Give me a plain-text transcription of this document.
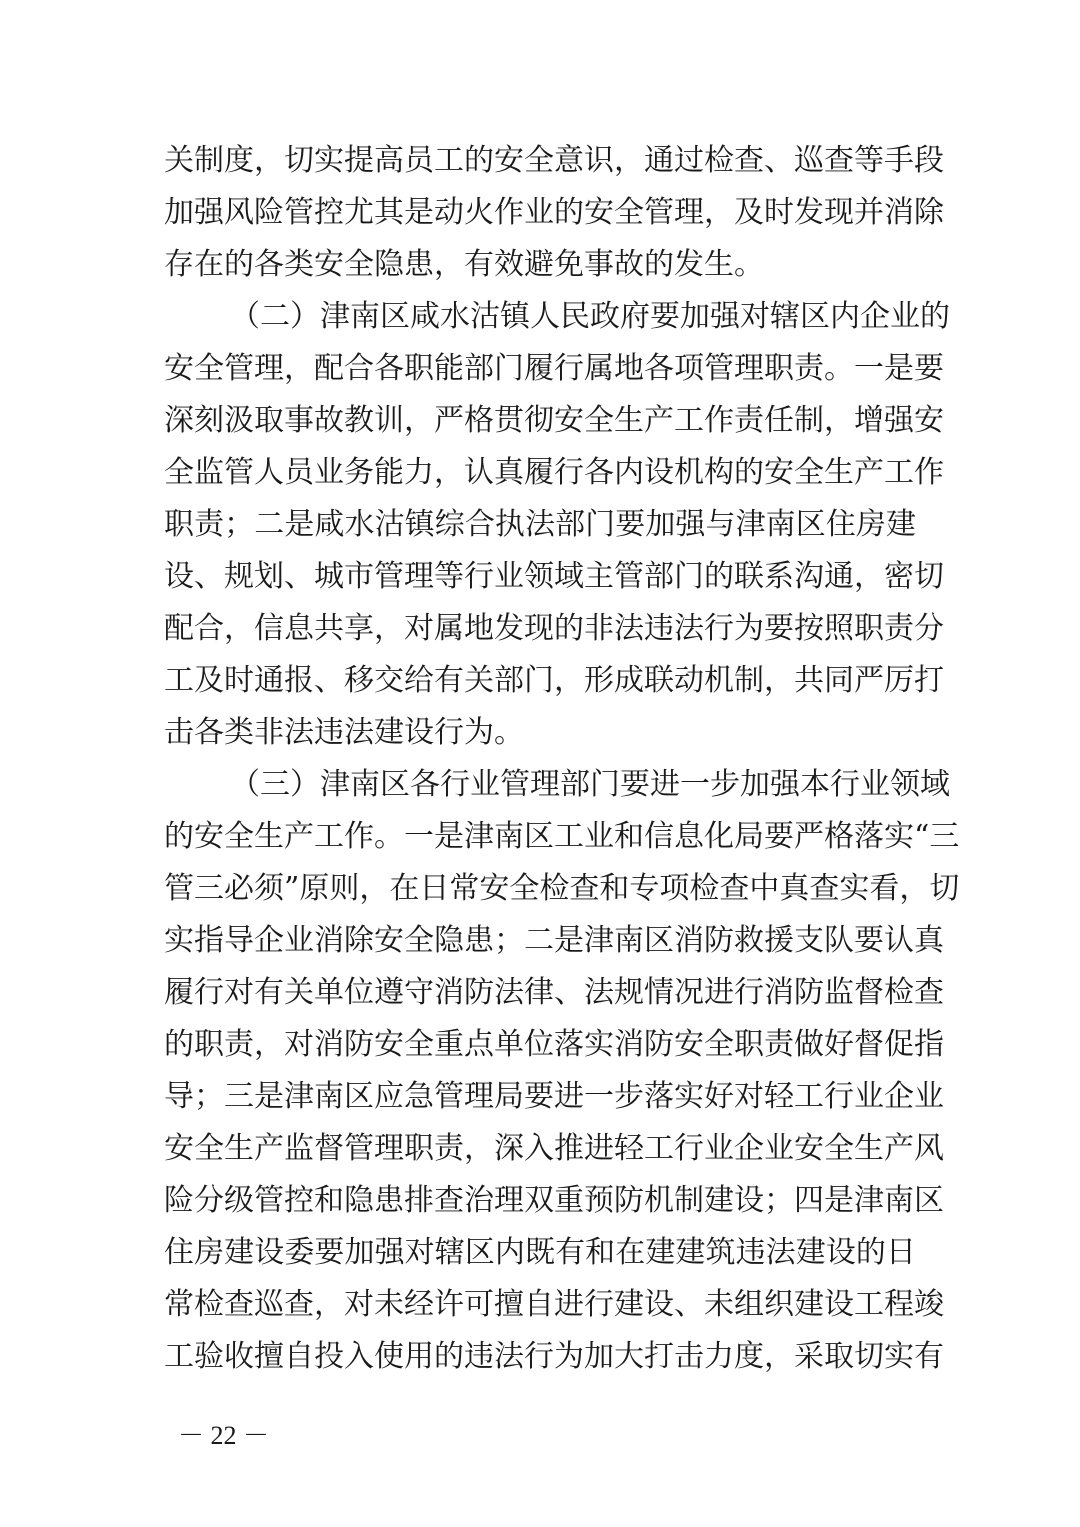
关制度，切实提高员工的安全意识，通过检查、巡查等手段
加强风险管控尤其是动火作业的安全管理，及时发现并消除
存在的各类安全隐患，有效避免事故的发生。
（二）津南区咸水沽镇人民政府要加强对辖区内企业的
安全管理，配合各职能部门履行属地各项管理职责。一是要
深刻汲取事故教训，严格贯彻安全生产工作责任制，增强安
全监管人员业务能力，认真履行各内设机构的安全生产工作
职责；二是咸水沽镇综合执法部门要加强与津南区住房建
设、规划、城市管理等行业领域主管部门的联系沟通，密切
配合，信息共享，对属地发现的非法违法行为要按照职责分
工及时通报、移交给有关部门，形成联动机制，共同严厉打
击各类非法违法建设行为。
（三）津南区各行业管理部门要进一步加强本行业领域
的安全生产工作。一是津南区工业和信息化局要严格落实“三
管三必须”原则，在日常安全检查和专项检查中真查实看，切
实指导企业消除安全隐患；二是津南区消防救援支队要认真
履行对有关单位遵守消防法律、法规情况进行消防监督检查
的职责，对消防安全重点单位落实消防安全职责做好督促指
导；三是津南区应急管理局要进一步落实好对轻工行业企业
安全生产监督管理职责，深入推进轻工行业企业安全生产风
险分级管控和隐患排查治理双重预防机制建设；四是津南区
住房建设委要加强对辖区内既有和在建建筑违法建设的日
常检查巡查，对未经许可擅自进行建设、未组织建设工程竣
工验收擅自投入使用的违法行为加大打击力度，采取切实有
－ 22 －
